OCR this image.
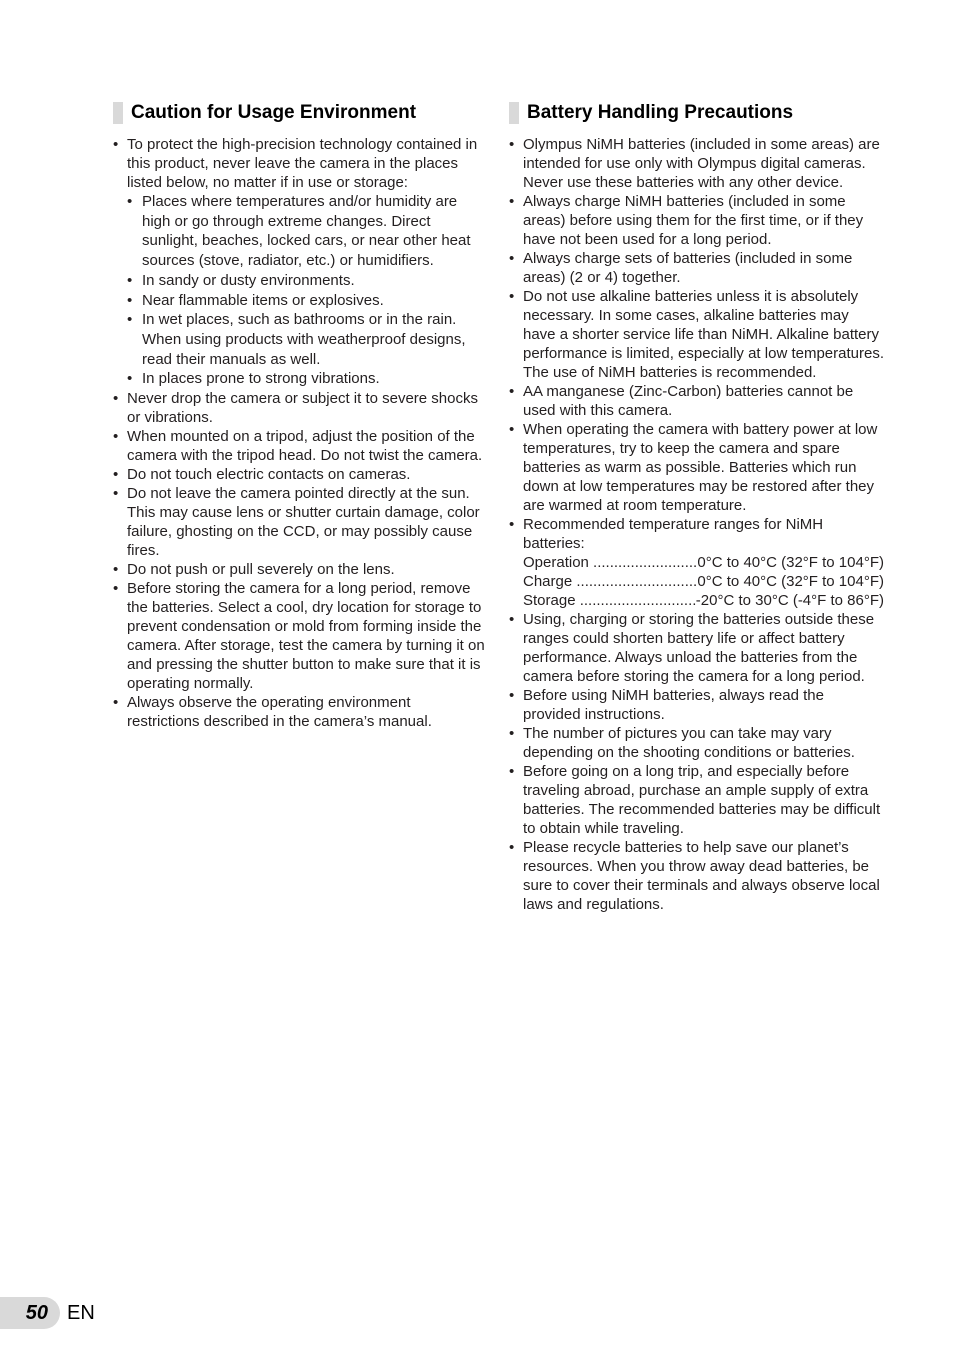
Caution for Usage Environment
• To protect the high-precision technology contained in this product, never leave the camera in the places listed below, no matter if in use or storage:
• Places where temperatures and/or humidity are high or go through extreme changes. Direct sunlight, beaches, locked cars, or near other heat sources (stove, radiator, etc.) or humidifiers.
• In sandy or dusty environments.
• Near flammable items or explosives.
• In wet places, such as bathrooms or in the rain. When using products with weatherproof designs, read their manuals as well.
• In places prone to strong vibrations.
• Never drop the camera or subject it to severe shocks or vibrations.
• When mounted on a tripod, adjust the position of the camera with the tripod head. Do not twist the camera.
• Do not touch electric contacts on cameras.
• Do not leave the camera pointed directly at the sun. This may cause lens or shutter curtain damage, color failure, ghosting on the CCD, or may possibly cause fires.
• Do not push or pull severely on the lens.
• Before storing the camera for a long period, remove the batteries. Select a cool, dry location for storage to prevent condensation or mold from forming inside the camera. After storage, test the camera by turning it on and pressing the shutter button to make sure that it is operating normally.
• Always observe the operating environment restrictions described in the camera’s manual.
Battery Handling Precautions
• Olympus NiMH batteries (included in some areas) are intended for use only with Olympus digital cameras. Never use these batteries with any other device.
• Always charge NiMH batteries (included in some areas) before using them for the first time, or if they have not been used for a long period.
• Always charge sets of batteries (included in some areas) (2 or 4) together.
• Do not use alkaline batteries unless it is absolutely necessary. In some cases, alkaline batteries may have a shorter service life than NiMH. Alkaline battery performance is limited, especially at low temperatures. The use of NiMH batteries is recommended.
• AA manganese (Zinc-Carbon) batteries cannot be used with this camera.
• When operating the camera with battery power at low temperatures, try to keep the camera and spare batteries as warm as possible. Batteries which run down at low temperatures may be restored after they are warmed at room temperature.
• Recommended temperature ranges for NiMH batteries:
Operation .....	0°C to 40°C (32°F to 104°F)
Charge .....	0°C to 40°C (32°F to 104°F)
Storage .....	-20°C to 30°C (-4°F to 86°F)
• Using, charging or storing the batteries outside these ranges could shorten battery life or affect battery performance. Always unload the batteries from the camera before storing the camera for a long period.
• Before using NiMH batteries, always read the provided instructions.
• The number of pictures you can take may vary depending on the shooting conditions or batteries.
• Before going on a long trip, and especially before traveling abroad, purchase an ample supply of extra batteries. The recommended batteries may be difficult to obtain while traveling.
• Please recycle batteries to help save our planet’s resources. When you throw away dead batteries, be sure to cover their terminals and always observe local laws and regulations.
50 EN
